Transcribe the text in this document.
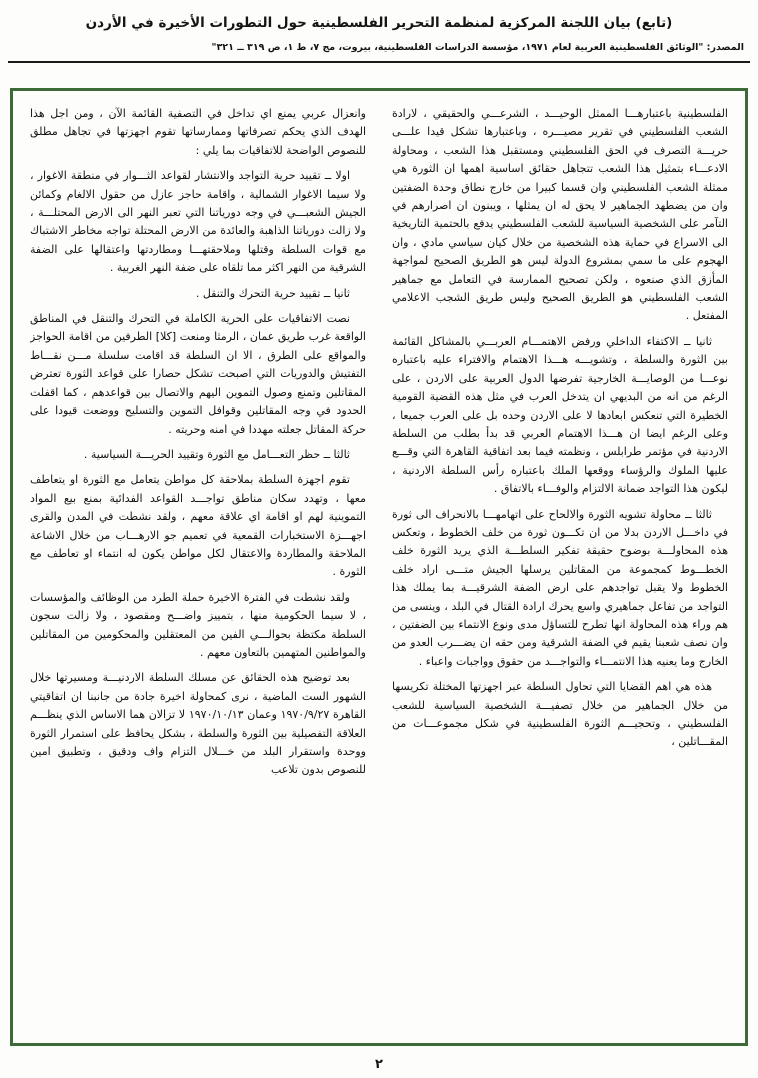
(تابع) بيان اللجنة المركزية لمنظمة التحرير الفلسطينية حول التطورات الأخيرة في الأردن
المصدر: "الوثائق الفلسطينية العربية لعام ١٩٧١، مؤسسة الدراسات الفلسطينية، بيروت، مج ٧، ط ١، ص ٣١٩ ــ ٣٢١"

الفلسطينية باعتبارهـــا الممثل الوحيـــد ، الشرعـــي والحقيقي ، لارادة الشعب الفلسطيني في تقرير مصيـــره ، وباعتبارها تشكل قيدا علـــى حريـــة التصرف في الحق الفلسطيني ومستقبل هذا الشعب ، ومحاولة الادعـــاء بتمثيل هذا الشعب تتجاهل حقائق اساسية اهمها ان الثورة هي ممثلة الشعب الفلسطيني وان قسما كبيرا من خارج نطاق وحدة الضفتين وان من يضطهد الجماهير لا يحق له ان يمثلها ، ويبنون ان اصرارهم في التآمر على الشخصية السياسية للشعب الفلسطيني يدفع بالحتمية التاريخية الى الاسراع في حماية هذه الشخصية من خلال كيان سياسي مادي ، وان الهجوم على ما سمي بمشروع الدولة ليس هو الطريق الصحيح لمواجهة المأزق الذي صنعوه ، ولكن تصحيح الممارسة في التعامل مع جماهير الشعب الفلسطيني هو الطريق الصحيح وليس طريق الشجب الاعلامي المفتعل .

ثانيا ــ الاكتفاء الداخلي ورفض الاهتمـــام العربـــي بالمشاكل القائمة بين الثورة والسلطة ، وتشويـــه هـــذا الاهتمام والافتراء عليه باعتباره نوعـــا من الوصايـــة الخارجية تفرضها الدول العربية على الاردن ، على الرغم من انه من البديهي ان يتدخل العرب في مثل هذه القضية القومية الخطيرة التي تنعكس ابعادها لا على الاردن وحده بل على العرب جميعا ، وعلى الرغم ايضا ان هـــذا الاهتمام العربي قد بدأ بطلب من السلطة الاردنية في مؤتمر طرابلس ، ونظمته فيما بعد اتفاقية القاهرة التي وقـــع عليها الملوك والرؤساء ووقعها الملك باعتباره رأس السلطة الاردنية ، ليكون هذا التواجد ضمانة الالتزام والوفـــاء بالاتفاق .

ثالثا ــ محاولة تشويه الثورة والالحاح على اتهامهـــا بالانحراف الى ثورة في داخـــل الاردن بدلا من ان تكـــون ثورة من خلف الخطوط ، وتعكس هذه المحاولـــة بوضوح حقيقة تفكير السلطـــة الذي يريد الثورة خلف الخطـــوط كمجموعة من المقاتلين يرسلها الجيش متـــى اراد خلف الخطوط ولا يقبل تواجدهم على ارض الضفة الشرقيـــة بما يملك هذا التواجد من تفاعل جماهيري واسع يحرك ارادة القتال في البلد ، وينسى من هم وراء هذه المحاولة انها تطرح للتساؤل مدى ونوع الانتماء بين الضفتين ، وان نصف شعبنا يقيم في الضفة الشرقية ومن حقه ان يضـــرب العدو من الخارج وما يعنيه هذا الانتمـــاء والتواجـــد من حقوق وواجبات واعباء .

هذه هي اهم القضايا التي تحاول السلطة عبر اجهزتها المختلة تكريسها من خلال الجماهير من خلال تصفيـــة الشخصية السياسية للشعب الفلسطيني ، وتحجيـــم الثورة الفلسطينية في شكل مجموعـــات من المقـــاتلين ،

وانعزال عربي يمنع اي تداخل في التصفية القائمة الآن ، ومن اجل هذا الهدف الذي يحكم تصرفاتها وممارساتها تقوم اجهزتها في تجاهل مطلق للنصوص الواضحة للاتفاقيات بما يلي :

اولا ــ تقييد حرية التواجد والانتشار لقواعد الثـــوار في منطقة الاغوار ، ولا سيما الاغوار الشمالية ، واقامة حاجز عازل من حقول الالغام وكمائن الجيش الشعبـــي في وجه دورياتنا التي تعبر النهر الى الارض المحتلـــة ، ولا زالت دورياتنا الذاهبة والعائدة من الارض المحتلة تواجه مخاطر الاشتباك مع قوات السلطة وقتلها وملاحقتهـــا ومطاردتها واعتقالها على الضفة الشرقية من النهر اكثر مما تلقاه على ضفة النهر الغربية .

ثانيا ــ تقييد حرية التحرك والتنقل .

نصت الاتفاقيات على الحرية الكاملة في التحرك والتنقل في المناطق الواقعة غرب طريق عمان ، الرمثا ومنعت [كلا] الطرفين من اقامة الحواجز والمواقع على الطرق ، الا ان السلطة قد اقامت سلسلة مـــن نقـــاط التفتيش والدوريات التي اصبحت تشكل حصارا على قواعد الثورة تعترض المقاتلين وتمنع وصول التموين اليهم والاتصال بين قواعدهم ، كما اقفلت الحدود في وجه المقاتلين وقوافل التموين والتسليح ووضعت قيودا على حركة المقاتل جعلته مهددا في امنه وحريته .

ثالثا ــ حظر التعـــامل مع الثورة وتقييد الحريـــة السياسية .

تقوم اجهزة السلطة بملاحقة كل مواطن يتعامل مع الثورة او يتعاطف معها ، وتهدد سكان مناطق تواجـــد القواعد الفدائية بمنع بيع المواد التموينية لهم او اقامة اي علاقة معهم ، ولقد نشطت في المدن والقرى اجهـــزة الاستخبارات القمعية في تعميم جو الارهـــاب من خلال الاشاعة الملاحقة والمطاردة والاعتقال لكل مواطن يكون له انتماء او تعاطف مع الثورة .

ولقد نشطت في الفترة الاخيرة حملة الطرد من الوظائف والمؤسسات ، لا سيما الحكومية منها ، بتمييز واضـــح ومقصود ، ولا زالت سجون السلطة مكتظة بحوالـــي الفين من المعتقلين والمحكومين من المقاتلين والمواطنين المتهمين بالتعاون معهم .

بعد توضيح هذه الحقائق عن مسلك السلطة الاردنيـــة ومسيرتها خلال الشهور الست الماضية ، نرى كمحاولة اخيرة جادة من جانبنا ان اتفاقيتي القاهرة ١٩٧٠/٩/٢٧ وعمان ١٩٧٠/١٠/١٣ لا تزالان هما الاساس الذي ينظـــم العلاقة التفصيلية بين الثورة والسلطة ، بشكل يحافظ على استمرار الثورة ووحدة واستقرار البلد من خـــلال التزام واف ودقيق ، وتطبيق امين للنصوص بدون تلاعب

٢
